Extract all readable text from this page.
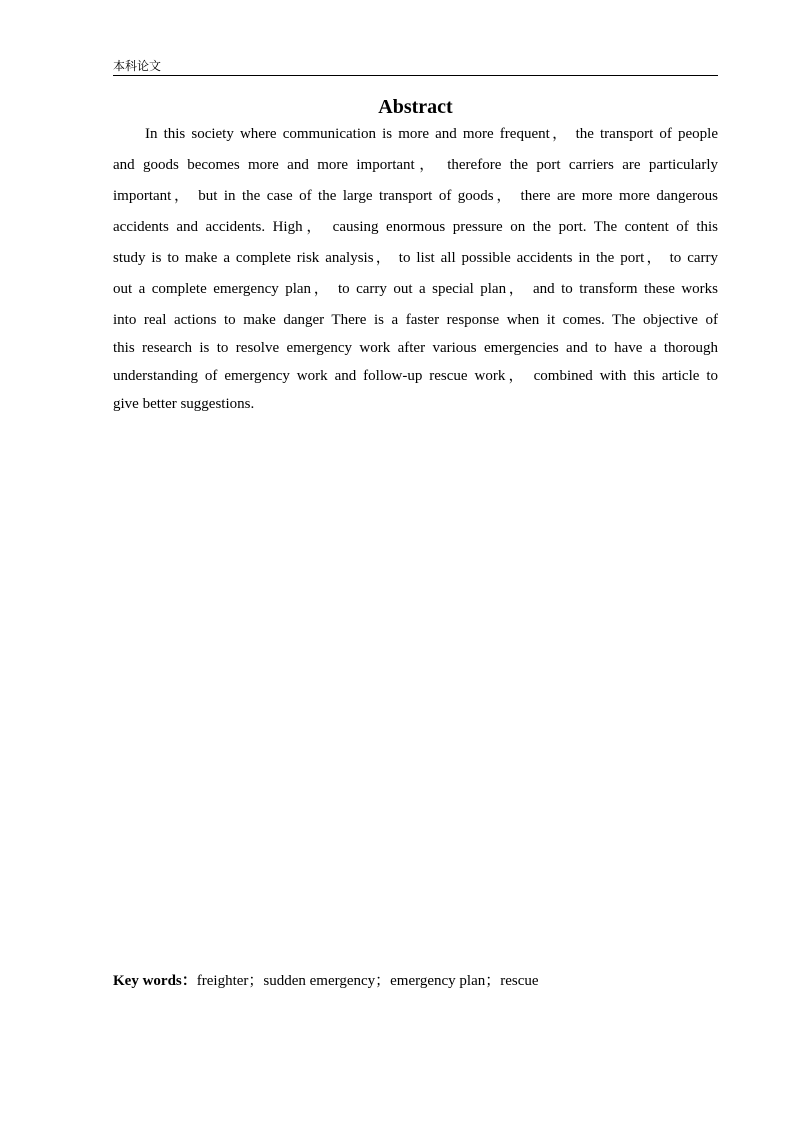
本科论文
Abstract
In this society where communication is more and more frequent， the transport of people
and goods becomes more and more important， therefore the port carriers are particularly
important， but in the case of the large transport of goods， there are more more dangerous
accidents and accidents. High， causing enormous pressure on the port. The content of this
study is to make a complete risk analysis， to list all possible accidents in the port， to carry
out a complete emergency plan， to carry out a special plan， and to transform these works
into real actions to make danger There is a faster response when it comes. The objective of
this research is to resolve emergency work after various emergencies and to have a thorough
understanding of emergency work and follow-up rescue work， combined with this article to
give better suggestions.
Key words：freighter；sudden emergency；emergency plan；rescue
